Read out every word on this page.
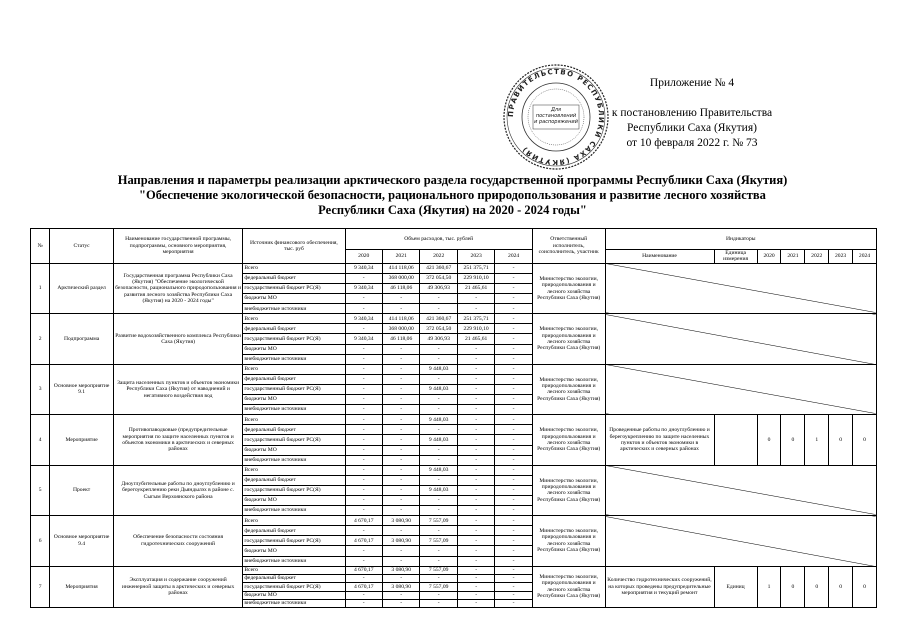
ПРАВИТЕЛЬСТВО РЕСПУБЛИКИ САХА (ЯКУТИЯ)
Для постановлений и распоряжений
Приложение № 4
к постановлению Правительства
Республики Саха (Якутия)
от 10 февраля 2022 г. № 73
Направления и параметры реализации арктического раздела государственной программы Республики Саха (Якутия)
"Обеспечение экологической безопасности, рационального природопользования и развитие лесного хозяйства
Республики Саха (Якутия) на 2020 - 2024 годы"
№	Статус	Наименование государственной программы, подпрограммы, основного мероприятия, мероприятия	Источник финансового обеспечения, тыс. руб	Объем расходов, тыс. рублей					Ответственный исполнитель, соисполнитель, участник	Индикаторы						
				2020	2021	2022	2023	2024		Наименование	Единица измерения	2020	2021	2022	2023	2024
1	Арктический раздел	Государственная программа Республики Саха (Якутия) "Обеспечение экологической безопасности, рационального природопользования и развития лесного хозяйства Республики Саха (Якутия) на 2020 - 2024 годы"	Всего	9 340,34	414 118,06	421 360,67	251 375,71	-	Министерство экологии, природопользования и лесного хозяйства Республики Саха (Якутия)							
			федеральный бюджет	-	368 000,00	372 054,50	229 910,10	-								
			государственный бюджет РС(Я)	9 340,34	46 118,06	49 306,93	21 465,61	-								
			бюджеты МО	-	-	-	-	-								
			внебюджетные источники	-	-	-	-	-								
2	Подпрограмма	Развитие водохозяйственного комплекса Республики Саха (Якутия)	Всего	9 340,34	414 118,06	421 360,67	251 375,71	-	Министерство экологии, природопользования и лесного хозяйства Республики Саха (Якутия)							
			федеральный бюджет	-	368 000,00	372 054,50	229 910,10	-								
			государственный бюджет РС(Я)	9 340,34	46 118,06	49 306,93	21 465,61	-								
			бюджеты МО	-	-	-	-	-								
			внебюджетные источники	-	-	-	-	-								
3	Основное мероприятие 9.1	Защита населенных пунктов и объектов экономики Республики Саха (Якутия) от наводнений и негативного воздействия вод	Всего	-	-	9 448,03	-	-	Министерство экологии, природопользования и лесного хозяйства Республики Саха (Якутия)							
			федеральный бюджет	-	-	-	-	-								
			государственный бюджет РС(Я)	-	-	9 448,03	-	-								
			бюджеты МО	-	-	-	-	-								
			внебюджетные источники	-	-	-	-	-								
4	Мероприятие	Противопаводковые (предупредительные мероприятия по защите населенных пунктов и объектов экономики в арктических и северных районах	Всего	-	-	9 448,03	-	-	Министерство экологии, природопользования и лесного хозяйства Республики Саха (Якутия)	Проведенные работы по дноуглублению и берегоукреплению по защите населенных пунктов и объектов экономики в арктических и северных районах		0	0	1	0	0
			федеральный бюджет	-	-	-	-	-								
			государственный бюджет РС(Я)	-	-	9 448,03	-	-								
			бюджеты МО	-	-	-	-	-								
			внебюджетные источники	-	-	-	-	-								
5	Проект	Дноуглубительные работы по дноуглублению и берегоукреплению реки Дьяндылэх в районе с. Сыгым Верхоянского района	Всего	-	-	9 448,03	-	-	Министерство экологии, природопользования и лесного хозяйства Республики Саха (Якутия)							
			федеральный бюджет	-	-	-	-	-								
			государственный бюджет РС(Я)	-	-	9 448,03	-	-								
			бюджеты МО	-	-	-	-	-								
			внебюджетные источники	-	-	-	-	-								
6	Основное мероприятие 9.4	Обеспечение безопасности состояния гидротехнических сооружений	Всего	4 670,17	3 080,90	7 557,09	-	-	Министерство экологии, природопользования и лесного хозяйства Республики Саха (Якутия)							
			федеральный бюджет	-	-	-	-	-								
			государственный бюджет РС(Я)	4 670,17	3 080,90	7 557,09	-	-								
			бюджеты МО	-	-	-	-	-								
			внебюджетные источники	-	-	-	-	-								
7	Мероприятия	Эксплуатация и содержание сооружений инженерной защиты в арктических и северных районах	Всего	4 670,17	3 080,90	7 557,09	-	-	Министерство экологии, природопользования и лесного хозяйства Республики Саха (Якутия)	Количество гидротехнических сооружений, на которых проведены предупредительные мероприятия и текущий ремонт	Единиц	1	0	0	0	0
			федеральный бюджет	-	-	-	-	-								
			государственный бюджет РС(Я)	4 670,17	3 080,90	7 557,09	-	-								
			бюджеты МО	-	-	-	-	-								
			внебюджетные источники	-	-	-	-	-								
